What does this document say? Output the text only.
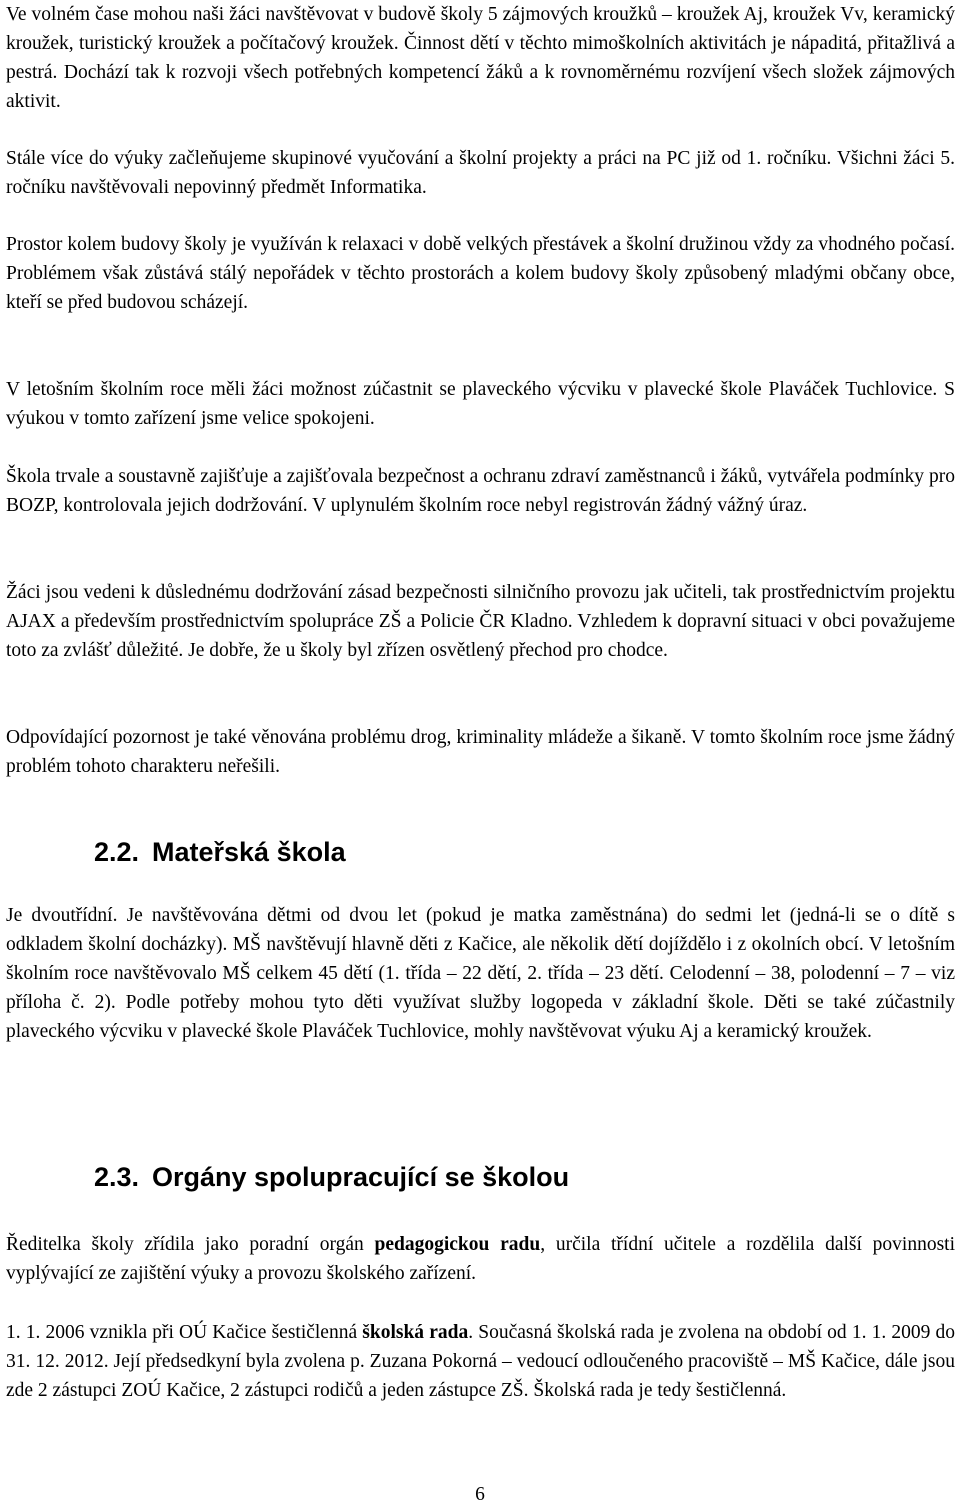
Ve volném čase mohou naši žáci navštěvovat v budově školy 5 zájmových kroužků – kroužek Aj, kroužek Vv, keramický kroužek, turistický kroužek a počítačový kroužek. Činnost dětí v těchto mimoškolních aktivitách je nápaditá, přitažlivá a pestrá. Dochází tak k rozvoji všech potřebných kompetencí žáků a k rovnoměrnému rozvíjení všech složek zájmových aktivit.

Stále více do výuky začleňujeme skupinové vyučování a školní projekty a práci na PC již od 1. ročníku. Všichni žáci 5. ročníku navštěvovali nepovinný předmět Informatika.

Prostor kolem budovy školy je využíván k relaxaci v době velkých přestávek a školní družinou vždy za vhodného počasí. Problémem však zůstává stálý nepořádek v těchto prostorách a kolem budovy školy způsobený mladými občany obce, kteří se před budovou scházejí.

V letošním školním roce měli žáci možnost zúčastnit se plaveckého výcviku v plavecké škole Plaváček Tuchlovice. S výukou v tomto zařízení jsme velice spokojeni.

Škola trvale a soustavně zajišťuje a zajišťovala bezpečnost a ochranu zdraví zaměstnanců i žáků, vytvářela podmínky pro BOZP, kontrolovala jejich dodržování. V uplynulém školním roce nebyl registrován žádný vážný úraz.

Žáci jsou vedeni k důslednému dodržování zásad bezpečnosti silničního provozu jak učiteli, tak prostřednictvím projektu AJAX a především prostřednictvím spolupráce ZŠ a Policie ČR Kladno. Vzhledem k dopravní situaci v obci považujeme toto za zvlášť důležité. Je dobře, že u školy byl zřízen osvětlený přechod pro chodce.

Odpovídající pozornost je také věnována problému drog, kriminality mládeže a šikaně. V tomto školním roce jsme žádný problém tohoto charakteru neřešili.

2.2. Mateřská škola

Je dvoutřídní. Je navštěvována dětmi od dvou let (pokud je matka zaměstnána) do sedmi let (jedná-li se o dítě s odkladem školní docházky). MŠ navštěvují hlavně děti z Kačice, ale několik dětí dojíždělo i z okolních obcí. V letošním školním roce navštěvovalo MŠ celkem 45 dětí (1. třída – 22 dětí, 2. třída – 23 dětí. Celodenní – 38, polodenní – 7 – viz příloha č. 2). Podle potřeby mohou tyto děti využívat služby logopeda v základní škole. Děti se také zúčastnily plaveckého výcviku v plavecké škole Plaváček Tuchlovice, mohly navštěvovat výuku Aj a keramický kroužek.

2.3. Orgány spolupracující se školou

Ředitelka školy zřídila jako poradní orgán pedagogickou radu, určila třídní učitele a rozdělila další povinnosti vyplývající ze zajištění výuky a provozu školského zařízení.

1. 1. 2006 vznikla při OÚ Kačice šestičlenná školská rada. Současná školská rada je zvolena na období od 1. 1. 2009 do 31. 12. 2012. Její předsedkyní byla zvolena p. Zuzana Pokorná – vedoucí odloučeného pracoviště – MŠ Kačice, dále jsou zde 2 zástupci ZOÚ Kačice, 2 zástupci rodičů a jeden zástupce ZŠ. Školská rada je tedy šestičlenná.

6
